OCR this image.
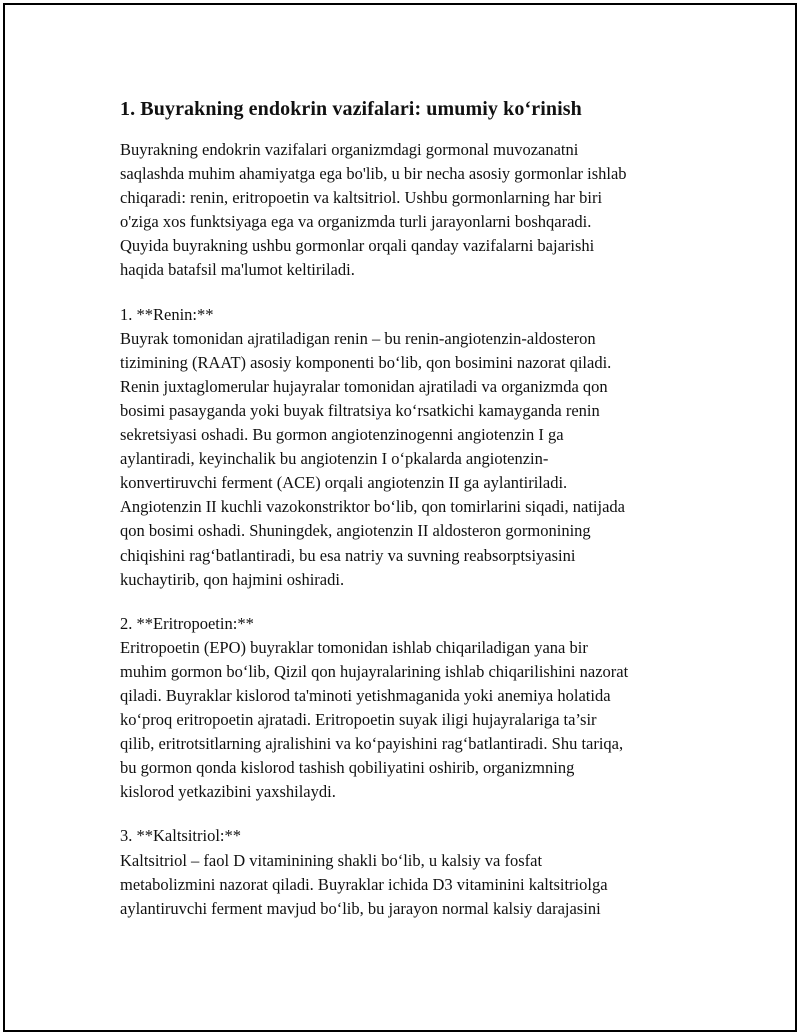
1. Buyrakning endokrin vazifalari: umumiy ko‘rinish

Buyrakning endokrin vazifalari organizmdagi gormonal muvozanatni
saqlashda muhim ahamiyatga ega bo'lib, u bir necha asosiy gormonlar ishlab
chiqaradi: renin, eritropoetin va kaltsitriol. Ushbu gormonlarning har biri
o'ziga xos funktsiyaga ega va organizmda turli jarayonlarni boshqaradi.
Quyida buyrakning ushbu gormonlar orqali qanday vazifalarni bajarishi
haqida batafsil ma'lumot keltiriladi.

1. **Renin:**

Buyrak tomonidan ajratiladigan renin – bu renin-angiotenzin-aldosteron
tizimining (RAAT) asosiy komponenti bo‘lib, qon bosimini nazorat qiladi.
Renin juxtaglomerular hujayralar tomonidan ajratiladi va organizmda qon
bosimi pasayganda yoki buyak filtratsiya ko‘rsatkichi kamayganda renin
sekretsiyasi oshadi. Bu gormon angiotenzinogenni angiotenzin I ga
aylantiradi, keyinchalik bu angiotenzin I o‘pkalarda angiotenzin-
konvertiruvchi ferment (ACE) orqali angiotenzin II ga aylantiriladi.
Angiotenzin II kuchli vazokonstriktor bo‘lib, qon tomirlarini siqadi, natijada
qon bosimi oshadi. Shuningdek, angiotenzin II aldosteron gormonining
chiqishini rag‘batlantiradi, bu esa natriy va suvning reabsorptsiyasini
kuchaytirib, qon hajmini oshiradi.

2. **Eritropoetin:**

Eritropoetin (EPO) buyraklar tomonidan ishlab chiqariladigan yana bir
muhim gormon bo‘lib, Qizil qon hujayralarining ishlab chiqarilishini nazorat
qiladi. Buyraklar kislorod ta'minoti yetishmaganida yoki anemiya holatida
ko‘proq eritropoetin ajratadi. Eritropoetin suyak iligi hujayralariga ta’sir
qilib, eritrotsitlarning ajralishini va ko‘payishini rag‘batlantiradi. Shu tariqa,
bu gormon qonda kislorod tashish qobiliyatini oshirib, organizmning
kislorod yetkazibini yaxshilaydi.

3. **Kaltsitriol:**

Kaltsitriol – faol D vitaminining shakli bo‘lib, u kalsiy va fosfat
metabolizmini nazorat qiladi. Buyraklar ichida D3 vitaminini kaltsitriolga
aylantiruvchi ferment mavjud bo‘lib, bu jarayon normal kalsiy darajasini
